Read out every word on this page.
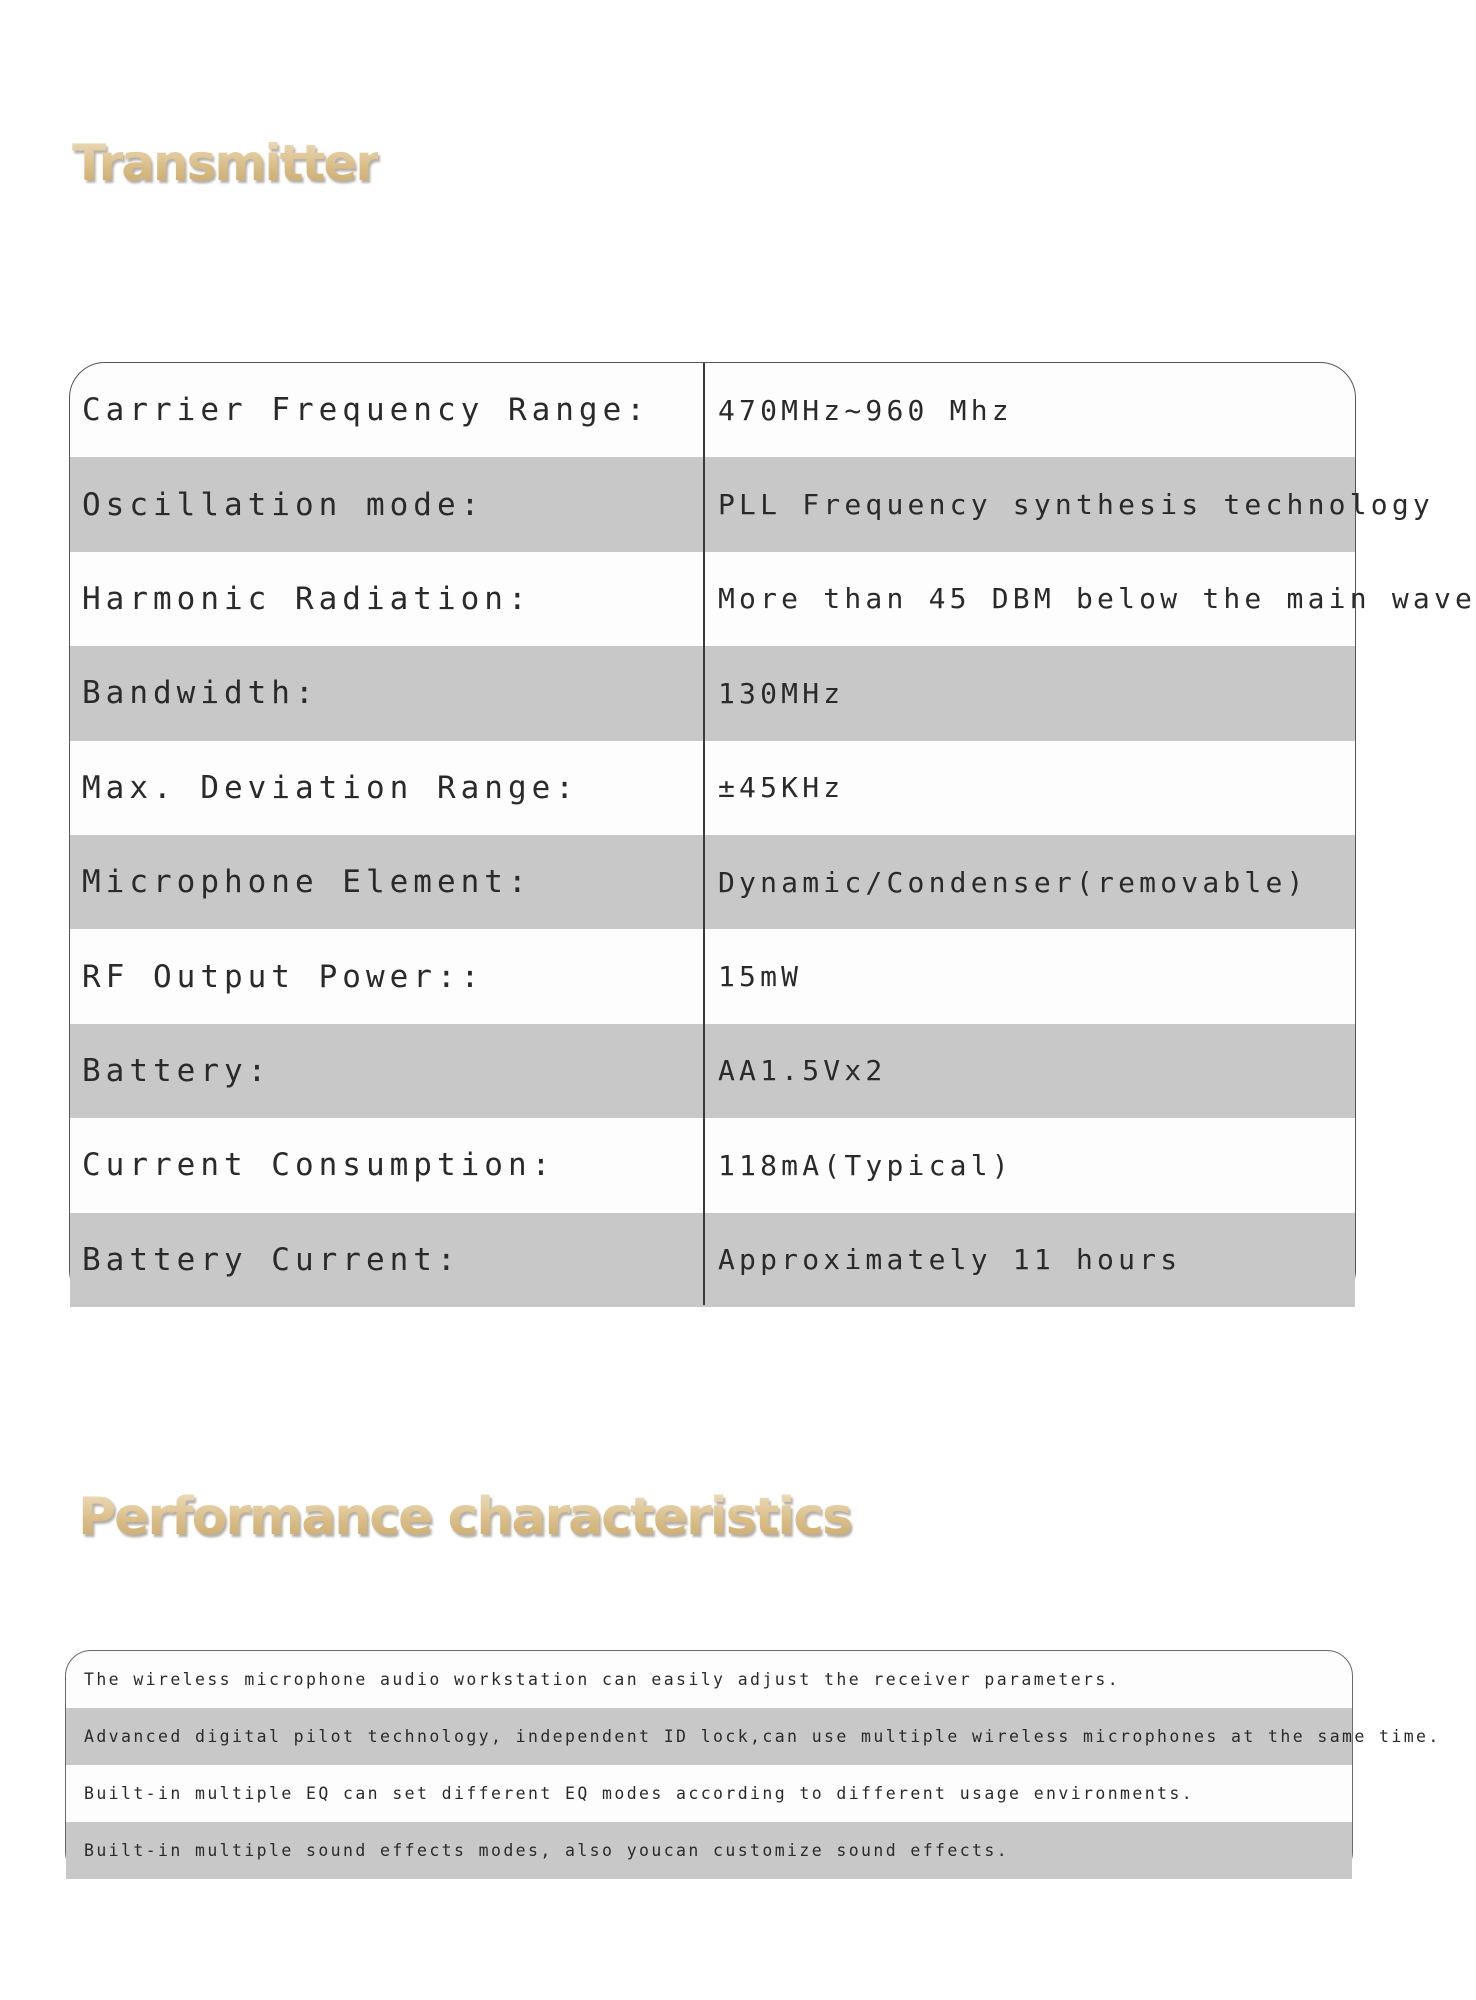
Transmitter
Carrier Frequency Range: 470MHz~960 Mhz
Oscillation mode:	PLL Frequency synthesis technology
Harmonic Radiation:	More than 45 DBM below the main wave
Bandwidth:	130MHz
Max. Deviation Range:	±45KHz
Microphone Element:	Dynamic/Condenser(removable)
RF Output Power::	15mW
Battery:	AA1.5Vx2
Current Consumption:	118mA(Typical)
Battery Current:	Approximately 11 hours
Performance characteristics
The wireless microphone audio workstation can easily adjust the receiver parameters.
Advanced digital pilot technology, independent ID lock,can use multiple wireless microphones at the same time.
Built-in multiple EQ can set different EQ modes according to different usage environments.
Built-in multiple sound effects modes, also youcan customize sound effects.
